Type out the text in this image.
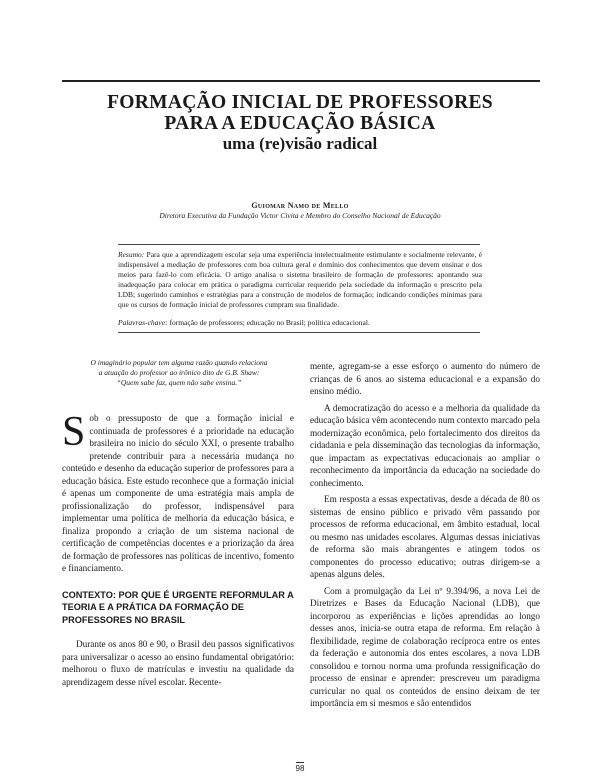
FORMAÇÃO INICIAL DE PROFESSORES
PARA A EDUCAÇÃO BÁSICA
uma (re)visão radical
Guiomar Namo de Mello
Diretora Executiva da Fundação Victor Civita e Membro do Conselho Nacional de Educação
Resumo: Para que a aprendizagem escolar seja uma experiência intelectualmente estimulante e socialmente relevante, é indispensável a mediação de professores com boa cultura geral e domínio dos conhecimentos que devem ensinar e dos meios para fazê-lo com eficácia. O artigo analisa o sistema brasileiro de formação de professores: apontando sua inadequação para colocar em prática o paradigma curricular requerido pela sociedade da informação e prescrito pela LDB; sugerindo caminhos e estratégias para a construção de modelos de formação; indicando condições mínimas para que os cursos de formação inicial de professores cumpram sua finalidade.
Palavras-chave: formação de professores; educação no Brasil; política educacional.
O imaginário popular tem alguma razão quando relaciona
a atuação do professor ao irônico dito de G.B. Shaw:
“Quem sabe faz, quem não sabe ensina.”

Sob o pressuposto de que a formação inicial e continuada de professores é a prioridade na educação brasileira no início do século XXI, o presente trabalho pretende contribuir para a necessária mudança no conteúdo e desenho da educação superior de professores para a educação básica. Este estudo reconhece que a formação inicial é apenas um componente de uma estratégia mais ampla de profissionalização do professor, indispensável para implementar uma política de melhoria da educação básica, e finaliza propondo a criação de um sistema nacional de certificação de competências docentes e a priorização da área de formação de professores nas políticas de incentivo, fomento e financiamento.

CONTEXTO: POR QUE É URGENTE REFORMULAR A TEORIA E A PRÁTICA DA FORMAÇÃO DE PROFESSORES NO BRASIL

Durante os anos 80 e 90, o Brasil deu passos significativos para universalizar o acesso ao ensino fundamental obrigatório: melhorou o fluxo de matrículas e investiu na qualidade da aprendizagem desse nível escolar. Recente-

mente, agregam-se a esse esforço o aumento do número de crianças de 6 anos ao sistema educacional e a expansão do ensino médio.

A democratização do acesso e a melhoria da qualidade da educação básica vêm acontecendo num contexto marcado pela modernização econômica, pelo fortalecimento dos direitos da cidadania e pela disseminação das tecnologias da informação, que impactam as expectativas educacionais ao ampliar o reconhecimento da importância da educação na sociedade do conhecimento.

Em resposta a essas expectativas, desde a década de 80 os sistemas de ensino público e privado vêm passando por processos de reforma educacional, em âmbito estadual, local ou mesmo nas unidades escolares. Algumas dessas iniciativas de reforma são mais abrangentes e atingem todos os componentes do processo educativo; outras dirigem-se a apenas alguns deles.

Com a promulgação da Lei nº 9.394/96, a nova Lei de Diretrizes e Bases da Educação Nacional (LDB), que incorporou as experiências e lições aprendidas ao longo desses anos, inicia-se outra etapa de reforma. Em relação à flexibilidade, regime de colaboração recíproca entre os entes da federação e autonomia dos entes escolares, a nova LDB consolidou e tornou norma uma profunda ressignificação do processo de ensinar e aprender: prescreveu um paradigma curricular no qual os conteúdos de ensino deixam de ter importância em si mesmos e são entendidos

98
